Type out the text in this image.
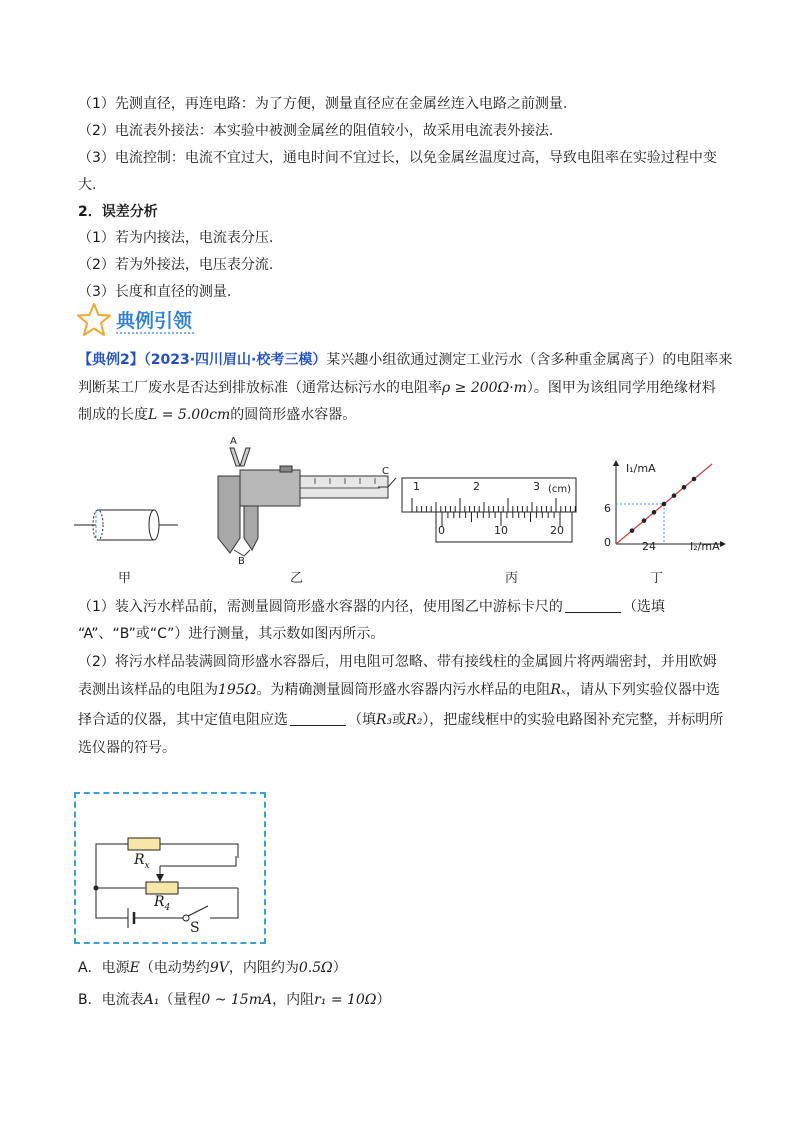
（1）先测直径，再连电路：为了方便，测量直径应在金属丝连入电路之前测量.
（2）电流表外接法：本实验中被测金属丝的阻值较小，故采用电流表外接法.
（3）电流控制：电流不宜过大，通电时间不宜过长，以免金属丝温度过高，导致电阻率在实验过程中变
大.
2．误差分析
（1）若为内接法，电流表分压.
（2）若为外接法，电压表分流.
（3）长度和直径的测量.
典例引领
【典例2】（2023·四川眉山·校考三模）某兴趣小组欲通过测定工业污水（含多种重金属离子）的电阻率来
判断某工厂废水是否达到排放标准（通常达标污水的电阻率ρ ≥ 200Ω·m）。图甲为该组同学用绝缘材料
制成的长度L = 5.00cm的圆筒形盛水容器。
甲
A
B
C
乙
1	2	3 (cm)
0	10	20
丙
I₁/mA
I₂/mA
6
24
0
丁
（1）装入污水样品前，需测量圆筒形盛水容器的内径，使用图乙中游标卡尺的	（选填
“A”、“B”或“C”）进行测量，其示数如图丙所示。
（2）将污水样品装满圆筒形盛水容器后，用电阻可忽略、带有接线柱的金属圆片将两端密封，并用欧姆
表测出该样品的电阻为195Ω。为精确测量圆筒形盛水容器内污水样品的电阻Rₓ，请从下列实验仪器中选
择合适的仪器，其中定值电阻应选	（填R₃或R₂），把虚线框中的实验电路图补充完整，并标明所
选仪器的符号。
$R_x$
$R_4$
S
A．电源E（电动势约9V，内阻约为0.5Ω）
B．电流表A₁（量程0 ~ 15mA，内阻r₁ = 10Ω）
